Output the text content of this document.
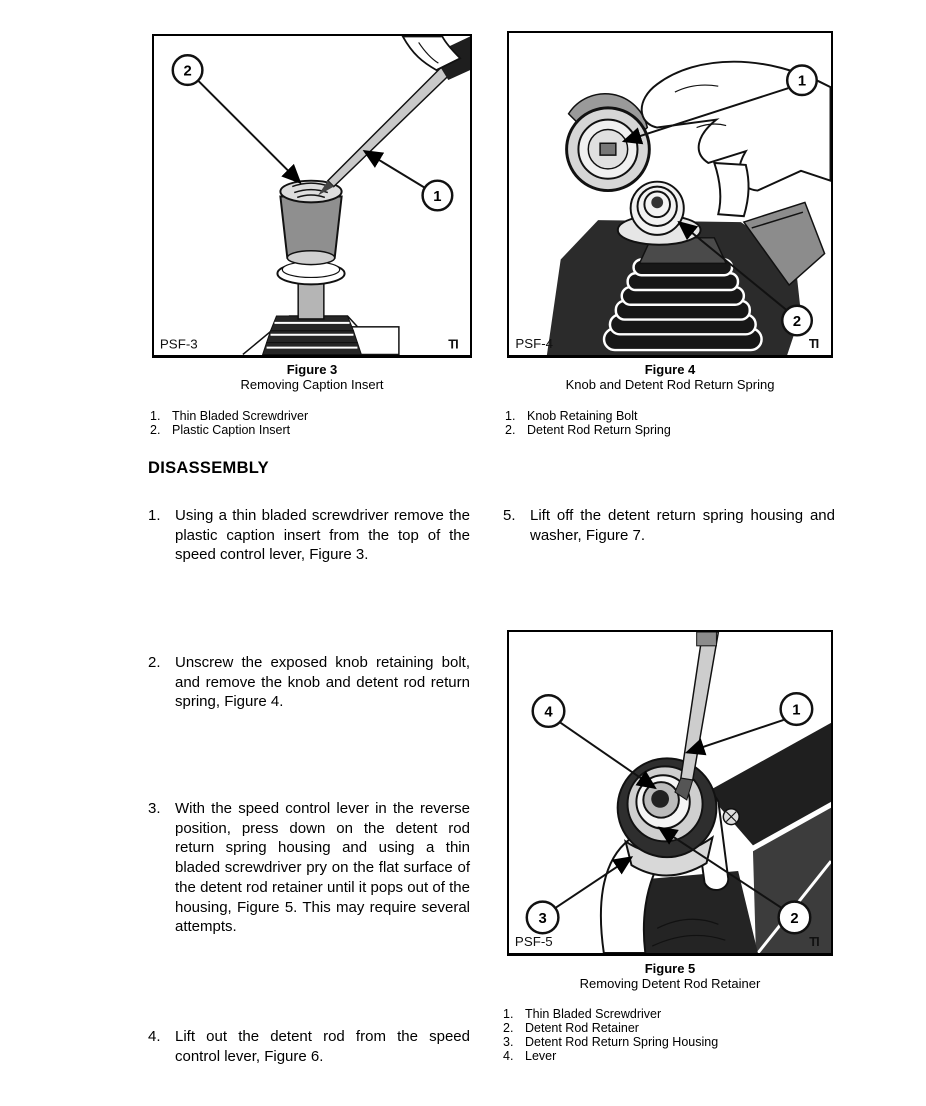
2
1
PSF-3	TI
1
2
PSF-4	TI
Figure 3
Removing Caption Insert
Figure 4
Knob and Detent Rod Return Spring
1. Thin Bladed Screwdriver
2. Plastic Caption Insert
1. Knob Retaining Bolt
2. Detent Rod Return Spring
DISASSEMBLY
1. Using a thin bladed screwdriver remove the plastic caption insert from the top of the speed control lever, Figure 3.
2. Unscrew the exposed knob retaining bolt, and remove the knob and detent rod return spring, Figure 4.
3. With the speed control lever in the reverse position, press down on the detent rod return spring housing and using a thin bladed screwdriver pry on the flat surface of the detent rod retainer until it pops out of the housing, Figure 5. This may require several attempts.
4. Lift out the detent rod from the speed control lever, Figure 6.
5. Lift off the detent return spring housing and washer, Figure 7.
4	1
3	2
PSF-5	TI
Figure 5
Removing Detent Rod Retainer
1. Thin Bladed Screwdriver
2. Detent Rod Retainer
3. Detent Rod Return Spring Housing
4. Lever
